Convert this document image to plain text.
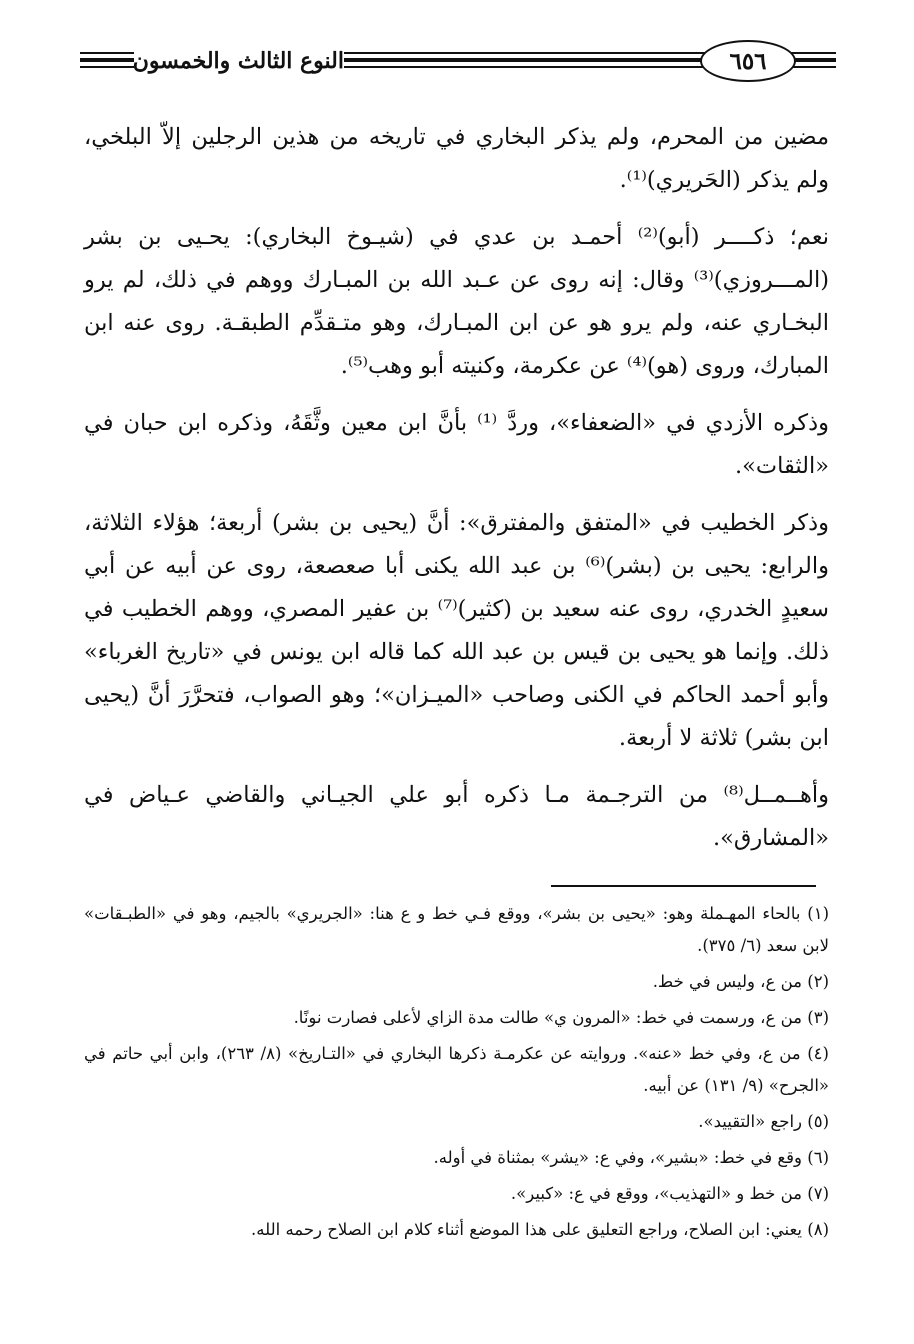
٦٥٦
النوع الثالث والخمسون

مضين من المحرم، ولم يذكر البخاري في تاريخه من هذين الرجلين إلاّ البلخي، ولم يذكر (الحَريري)⁽¹⁾.

نعم؛ ذكــــر (أبو)⁽²⁾ أحمـد بن عدي في (شيـوخ البخاري): يحـيى بن بشر (المـــروزي)⁽³⁾ وقال: إنه روى عن عـبد الله بن المبـارك ووهم في ذلك، لم يرو البخـاري عنه، ولم يرو هو عن ابن المبـارك، وهو متـقدِّم الطبقـة. روى عنه ابن المبارك، وروى (هو)⁽⁴⁾ عن عكرمة، وكنيته أبو وهب⁽⁵⁾.

وذكره الأزدي في «الضعفاء»، وردَّ ⁽¹⁾ بأنَّ ابن معين وثَّقَهُ، وذكره ابن حبان في «الثقات».

وذكر الخطيب في «المتفق والمفترق»: أنَّ (يحيى بن بشر) أربعة؛ هؤلاء الثلاثة، والرابع: يحيى بن (بشر)⁽⁶⁾ بن عبد الله يكنى أبا صعصعة، روى عن أبيه عن أبي سعيدٍ الخدري، روى عنه سعيد بن (كثير)⁽⁷⁾ بن عفير المصري، ووهم الخطيب في ذلك. وإنما هو يحيى بن قيس بن عبد الله كما قاله ابن يونس في «تاريخ الغرباء» وأبو أحمد الحاكم في الكنى وصاحب «الميـزان»؛ وهو الصواب، فتحرَّرَ أنَّ (يحيى ابن بشر) ثلاثة لا أربعة.

وأهــمــل⁽⁸⁾ من الترجـمة مـا ذكره أبو علي الجيـاني والقاضي عـياض في «المشارق».

(١) بالحاء المهـملة وهو: «يحيى بن بشر»، ووقع فـي خط و ع هنا: «الجريري» بالجيم، وهو في «الطبـقات» لابن سعد (٦/ ٣٧٥).

(٢) من ع، وليس في خط.

(٣) من ع، ورسمت في خط: «المرون ي» طالت مدة الزاي لأعلى فصارت نونًا.

(٤) من ع، وفي خط «عنه». وروايته عن عكرمـة ذكرها البخاري في «التـاريخ» (٨/ ٢٦٣)، وابن أبي حاتم في «الجرح» (٩/ ١٣١) عن أبيه.

(٥) راجع «التقييد».

(٦) وقع في خط: «بشير»، وفي ع: «يشر» بمثناة في أوله.

(٧) من خط و «التهذيب»، ووقع في ع: «كبير».

(٨) يعني: ابن الصلاح، وراجع التعليق على هذا الموضع أثناء كلام ابن الصلاح رحمه الله.
